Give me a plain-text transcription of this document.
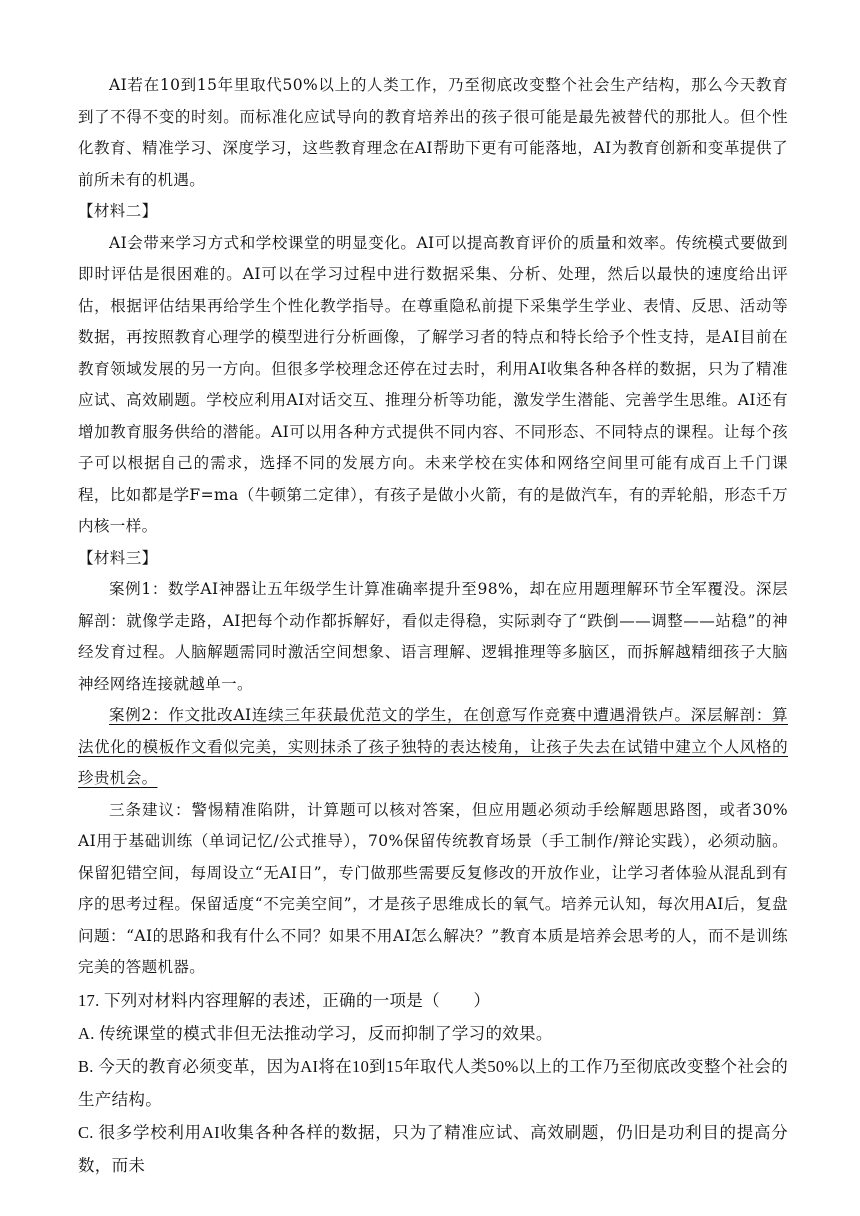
AI若在10到15年里取代50%以上的人类工作，乃至彻底改变整个社会生产结构，那么今天教育到了不得不变的时刻。而标准化应试导向的教育培养出的孩子很可能是最先被替代的那批人。但个性化教育、精准学习、深度学习，这些教育理念在AI帮助下更有可能落地，AI为教育创新和变革提供了前所未有的机遇。

【材料二】

AI会带来学习方式和学校课堂的明显变化。AI可以提高教育评价的质量和效率。传统模式要做到即时评估是很困难的。AI可以在学习过程中进行数据采集、分析、处理，然后以最快的速度给出评估，根据评估结果再给学生个性化教学指导。在尊重隐私前提下采集学生学业、表情、反思、活动等数据，再按照教育心理学的模型进行分析画像，了解学习者的特点和特长给予个性支持，是AI目前在教育领域发展的另一方向。但很多学校理念还停在过去时，利用AI收集各种各样的数据，只为了精准应试、高效刷题。学校应利用AI对话交互、推理分析等功能，激发学生潜能、完善学生思维。AI还有增加教育服务供给的潜能。AI可以用各种方式提供不同内容、不同形态、不同特点的课程。让每个孩子可以根据自己的需求，选择不同的发展方向。未来学校在实体和网络空间里可能有成百上千门课程，比如都是学F=ma（牛顿第二定律），有孩子是做小火箭，有的是做汽车，有的弄轮船，形态千万内核一样。

【材料三】

案例1：数学AI神器让五年级学生计算准确率提升至98%，却在应用题理解环节全军覆没。深层解剖：就像学走路，AI把每个动作都拆解好，看似走得稳，实际剥夺了“跌倒——调整——站稳”的神经发育过程。人脑解题需同时激活空间想象、语言理解、逻辑推理等多脑区，而拆解越精细孩子大脑神经网络连接就越单一。

案例2：作文批改AI连续三年获最优范文的学生，在创意写作竞赛中遭遇滑铁卢。深层解剖：算法优化的模板作文看似完美，实则抹杀了孩子独特的表达棱角，让孩子失去在试错中建立个人风格的珍贵机会。

三条建议：警惕精准陷阱，计算题可以核对答案，但应用题必须动手绘解题思路图，或者30% AI用于基础训练（单词记忆/公式推导），70%保留传统教育场景（手工制作/辩论实践），必须动脑。保留犯错空间，每周设立“无AI日”，专门做那些需要反复修改的开放作业，让学习者体验从混乱到有序的思考过程。保留适度“不完美空间”，才是孩子思维成长的氧气。培养元认知，每次用AI后，复盘问题：“AI的思路和我有什么不同？如果不用AI怎么解决？”教育本质是培养会思考的人，而不是训练完美的答题机器。

17. 下列对材料内容理解的表述，正确的一项是（　　）

A. 传统课堂的模式非但无法推动学习，反而抑制了学习的效果。

B. 今天的教育必须变革，因为AI将在10到15年取代人类50%以上的工作乃至彻底改变整个社会的生产结构。

C. 很多学校利用AI收集各种各样的数据，只为了精准应试、高效刷题，仍旧是功利目的提高分数，而未
